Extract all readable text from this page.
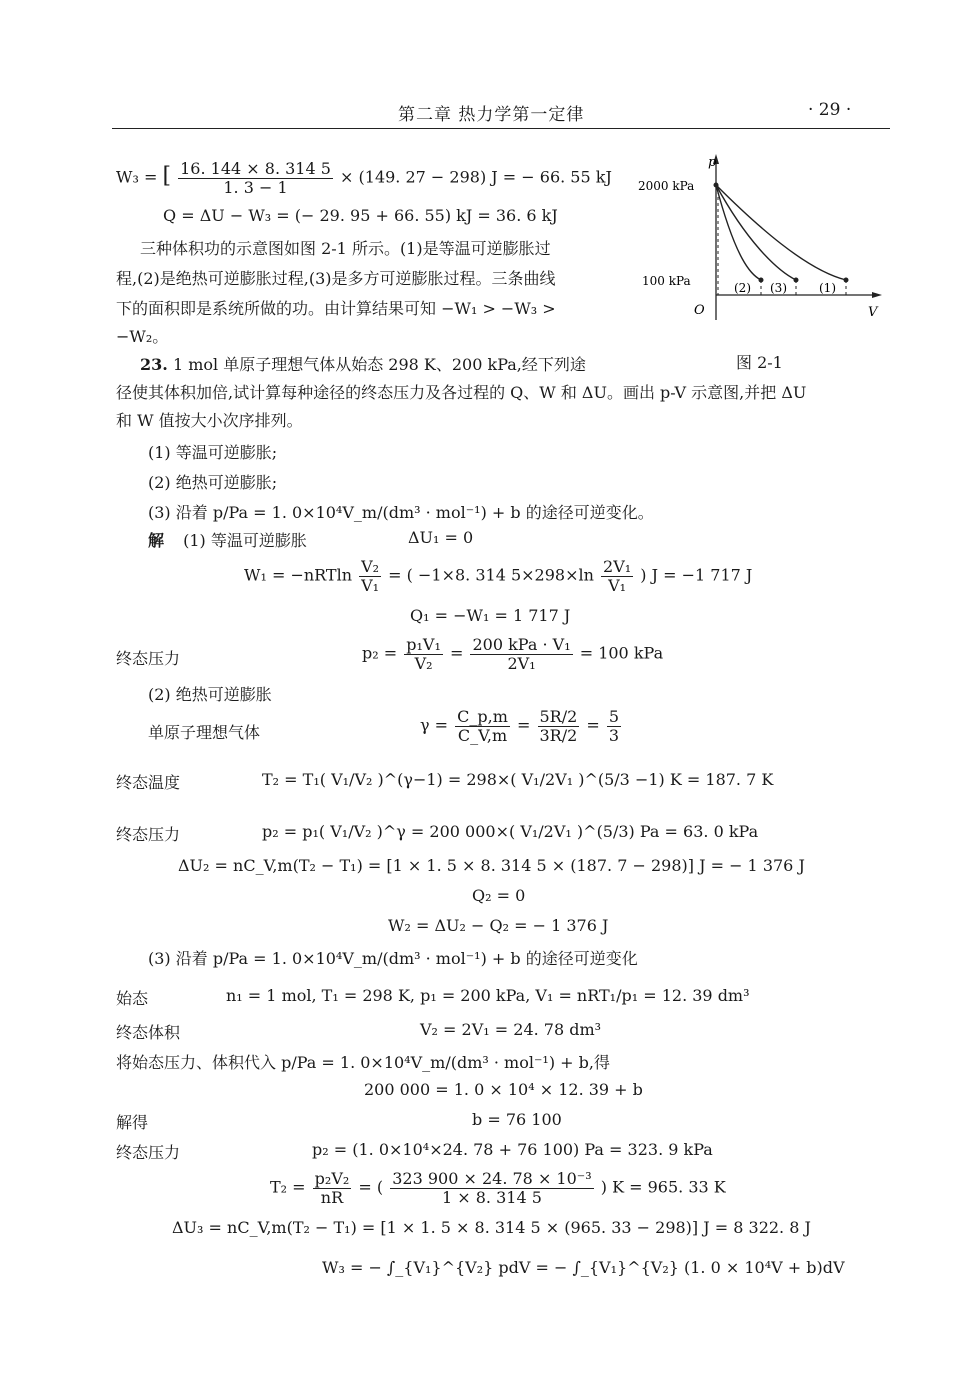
第二章 热力学第一定律	· 29 ·
W₃ = [ $\frac{16. 144 \times 8. 314 5}{1. 3 - 1} \times (149$. 27 − 298) J = − 66. 55 kJ
Q = ΔU − W₃ = (− 29. 95 + 66. 55) kJ = 36. 6 kJ
三种体积功的示意图如图 2-1 所示。(1)是等温可逆膨胀过
程,(2)是绝热可逆膨胀过程,(3)是多方可逆膨胀过程。三条曲线
下的面积即是系统所做的功。由计算结果可知 −W₁ > −W₃ >
−W₂。
p
V
O
2000 kPa
100 kPa	(2) (3)	(1)
图 2-1
23. 1 mol 单原子理想气体从始态 298 K、200 kPa,经下列途
径使其体积加倍,试计算每种途径的终态压力及各过程的 Q、W 和 ΔU。画出 p-V 示意图,并把 ΔU
和 W 值按大小次序排列。
(1) 等温可逆膨胀;
(2) 绝热可逆膨胀;
(3) 沿着 p/Pa = 1. 0×10⁴V_m/(dm³ · mol⁻¹) + b 的途径可逆变化。
解 (1) 等温可逆膨胀	ΔU₁ = 0
$W_1 = -nRTln \frac{\text{V₂}}{\text{V₁}}$ = ( −1×8. 314 $5\times 298\times\ln \frac{\text{2V₁}}{\text{V₁}}$ ) J = −1 717 J
Q₁ = −W₁ = 1 717 J
终态压力	$p_2 = \frac{\text{p₁V₁}}{\text{V₂}} = \frac{\text{200 kPa · V₁}}{\text{2V₁}} = 100$ kPa
(2) 绝热可逆膨胀
单原子理想气体	$\gamma = \frac{C\_p,m}{C\_V,m} = \frac{5R/2}{3R/2} = \frac{5}{3}$
终态温度	T₂ = T₁( V₁/V₂ )^(γ−1) = 298×( V₁/2V₁ )^(5/3 −1) K = 187. 7 K
终态压力	p₂ = p₁( V₁/V₂ )^γ = 200 000×( V₁/2V₁ )^(5/3) Pa = 63. 0 kPa
ΔU₂ = nC_V,m(T₂ − T₁) = [1 × 1. 5 × 8. 314 5 × (187. 7 − 298)] J = − 1 376 J
Q₂ = 0
W₂ = ΔU₂ − Q₂ = − 1 376 J
(3) 沿着 p/Pa = 1. 0×10⁴V_m/(dm³ · mol⁻¹) + b 的途径可逆变化
始态	n₁ = 1 mol, T₁ = 298 K, p₁ = 200 kPa, V₁ = nRT₁/p₁ = 12. 39 dm³
终态体积	V₂ = 2V₁ = 24. 78 dm³
将始态压力、体积代入 p/Pa = 1. 0×10⁴V_m/(dm³ · mol⁻¹) + b,得
200 000 = 1. 0 × 10⁴ × 12. 39 + b
解得	b = 76 100
终态压力	p₂ = (1. 0×10⁴×24. 78 + 76 100) Pa = 323. 9 kPa
$T_2 = \frac{\text{p₂V₂}}{nR}$ = ( $\frac{\text{323 900 × 24. 78 × 10⁻³}}{1 \times 8. 314 5}$ ) K = 965. 33 K
ΔU₃ = nC_V,m(T₂ − T₁) = [1 × 1. 5 × 8. 314 5 × (965. 33 − 298)] J = 8 322. 8 J
W₃ = − ∫_{V₁}^{V₂} pdV = − ∫_{V₁}^{V₂} (1. 0 × 10⁴V + b)dV
